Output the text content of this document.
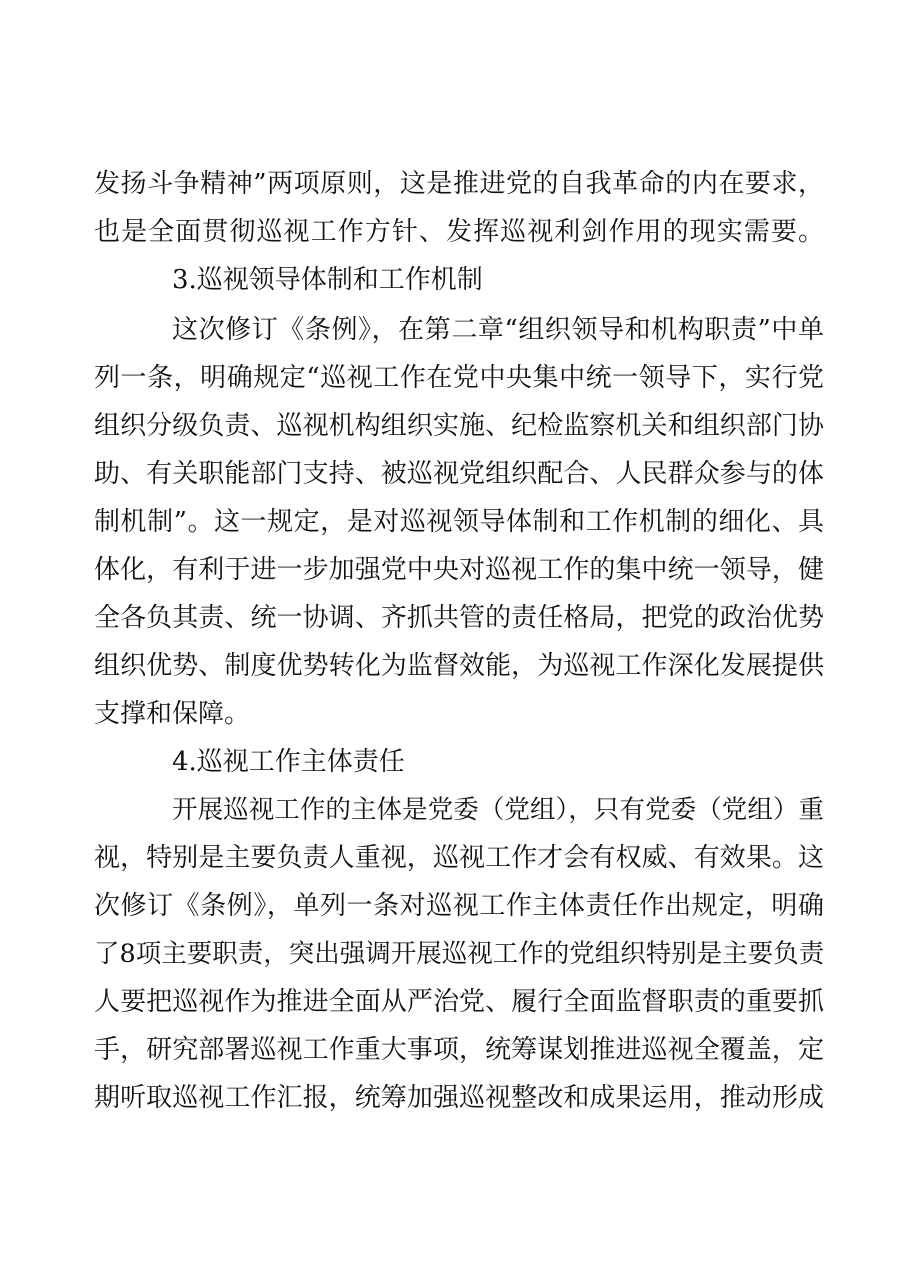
发扬斗争精神”两项原则，这是推进党的自我革命的内在要求，
也是全面贯彻巡视工作方针、发挥巡视利剑作用的现实需要。
3.巡视领导体制和工作机制
这次修订《条例》，在第二章“组织领导和机构职责”中单
列一条，明确规定“巡视工作在党中央集中统一领导下，实行党
组织分级负责、巡视机构组织实施、纪检监察机关和组织部门协
助、有关职能部门支持、被巡视党组织配合、人民群众参与的体
制机制”。这一规定，是对巡视领导体制和工作机制的细化、具
体化，有利于进一步加强党中央对巡视工作的集中统一领导，健
全各负其责、统一协调、齐抓共管的责任格局，把党的政治优势
组织优势、制度优势转化为监督效能，为巡视工作深化发展提供
支撑和保障。
4.巡视工作主体责任
开展巡视工作的主体是党委（党组），只有党委（党组）重
视，特别是主要负责人重视，巡视工作才会有权威、有效果。这
次修订《条例》，单列一条对巡视工作主体责任作出规定，明确
了8项主要职责，突出强调开展巡视工作的党组织特别是主要负责
人要把巡视作为推进全面从严治党、履行全面监督职责的重要抓
手，研究部署巡视工作重大事项，统筹谋划推进巡视全覆盖，定
期听取巡视工作汇报，统筹加强巡视整改和成果运用，推动形成
